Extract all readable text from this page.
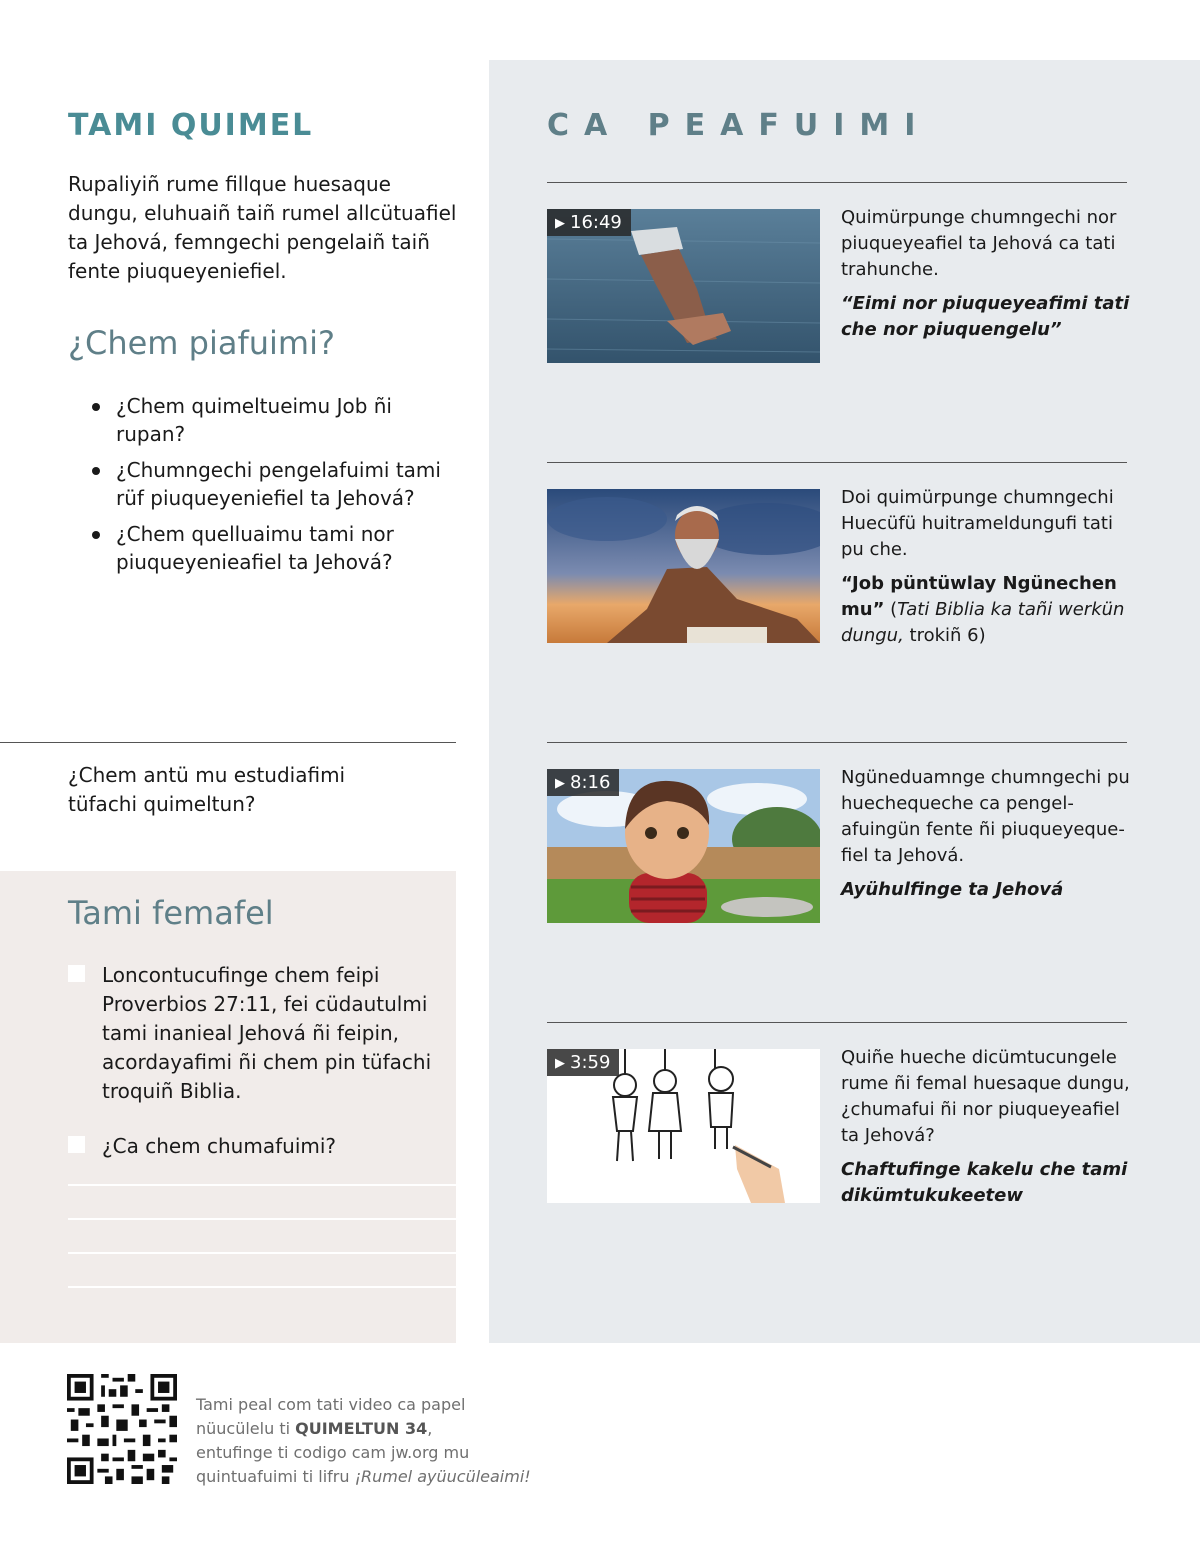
TAMI QUIMEL

Rupaliyiñ rume fillque huesaque dungu, eluhuaiñ taiñ rumel allcütuafiel ta Jehová, femngechi pengelaiñ taiñ fente piuqueyeniefiel.

¿Chem piafuimi?
¿Chem quimeltueimu Job ñi rupan?
¿Chumngechi pengelafuimi tami rüf piuqueyeniefiel ta Jehová?
¿Chem quelluaimu tami nor piuqueyenieafiel ta Jehová?

¿Chem antü mu estudiafimi tüfachi quimeltun?

Tami femafel
Loncontucufinge chem feipi Proverbios 27:11, fei cüdautulmi tami inanieal Jehová ñi feipin, acordayafimi ñi chem pin tüfachi troquiñ Biblia.
¿Ca chem chumafuimi?
CA PEAFUIMI
▶ 16:49	Quimürpunge chumngechi nor piuqueyeafiel ta Jehová ca tati trahunche.
“Eimi nor piuqueyeafimi tati che nor piuquengelu”
Doi quimürpunge chumngechi Huecüfü huitrameldungufi tati pu che.
“Job püntüwlay Ngünechen mu” (Tati Biblia ka tañi werkün dungu, trokiñ 6)
▶ 8:16	Ngüneduamnge chumngechi pu huechequeche ca pengelafuingün fente ñi piuqueyequefiel ta Jehová.
Ayühulfinge ta Jehová
▶ 3:59	Quiñe hueche dicümtucungele rume ñi femal huesaque dungu, ¿chumafui ñi nor piuqueyeafiel ta Jehová?
Chaftufinge kakelu che tami dikümtukukeetew
Tami peal com tati video ca papel
nüucülelu ti QUIMELTUN 34,
entufinge ti codigo cam jw.org mu
quintuafuimi ti lifru ¡Rumel ayüucüleaimi!
